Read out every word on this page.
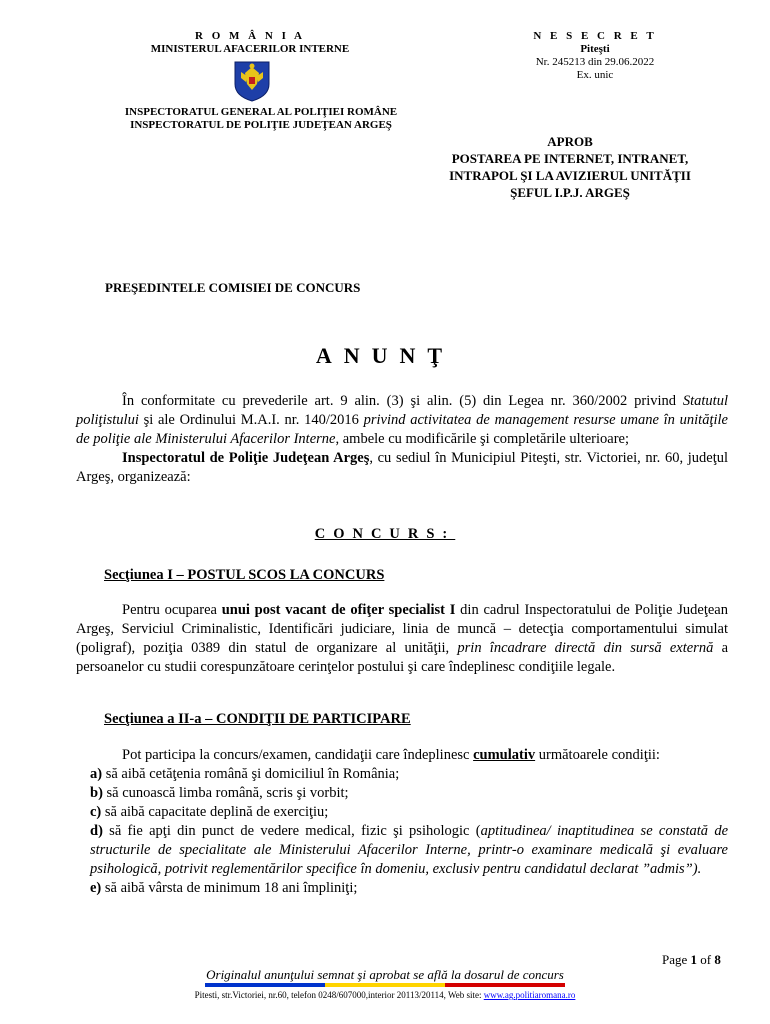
R O M Â N I A
MINISTERUL AFACERILOR INTERNE
N E S E C R E T
Piteşti
Nr. 245213 din 29.06.2022
Ex. unic
INSPECTORATUL GENERAL AL POLIŢIEI ROMÂNE
INSPECTORATUL DE POLIŢIE JUDEŢEAN ARGEŞ
APROB
POSTAREA PE INTERNET, INTRANET,
INTRAPOL ŞI LA AVIZIERUL UNITĂŢII
ŞEFUL I.P.J. ARGEŞ
PREŞEDINTELE COMISIEI DE CONCURS
ANUNŢ
În conformitate cu prevederile art. 9 alin. (3) şi alin. (5) din Legea nr. 360/2002 privind Statutul poliţistului şi ale Ordinului M.A.I. nr. 140/2016 privind activitatea de management resurse umane în unităţile de poliţie ale Ministerului Afacerilor Interne, ambele cu modificările şi completările ulterioare;
Inspectoratul de Poliţie Judeţean Argeş, cu sediul în Municipiul Piteşti, str. Victoriei, nr. 60, judeţul Argeş, organizează:
CONCURS:
Secţiunea I – POSTUL SCOS LA CONCURS
Pentru ocuparea unui post vacant de ofiţer specialist I din cadrul Inspectoratului de Poliţie Judeţean Argeş, Serviciul Criminalistic, Identificări judiciare, linia de muncă – detecţia comportamentului simulat (poligraf), poziţia 0389 din statul de organizare al unităţii, prin încadrare directă din sursă externă a persoanelor cu studii corespunzătoare cerinţelor postului şi care îndeplinesc condiţiile legale.
Secţiunea a II-a – CONDIŢII DE PARTICIPARE
Pot participa la concurs/examen, candidaţii care îndeplinesc cumulativ următoarele condiţii:
a) să aibă cetăţenia română şi domiciliul în România;
b) să cunoască limba română, scris şi vorbit;
c) să aibă capacitate deplină de exerciţiu;
d) să fie apţi din punct de vedere medical, fizic şi psihologic (aptitudinea/ inaptitudinea se constată de structurile de specialitate ale Ministerului Afacerilor Interne, printr-o examinare medicală şi evaluare psihologică, potrivit reglementărilor specifice în domeniu, exclusiv pentru candidatul declarat ”admis”).
e) să aibă vârsta de minimum 18 ani împliniţi;
Page 1 of 8
Originalul anunţului semnat şi aprobat se află la dosarul de concurs
Pitesti, str.Victoriei, nr.60, telefon 0248/607000,interior 20113/20114, Web site: www.ag.politiaromana.ro
